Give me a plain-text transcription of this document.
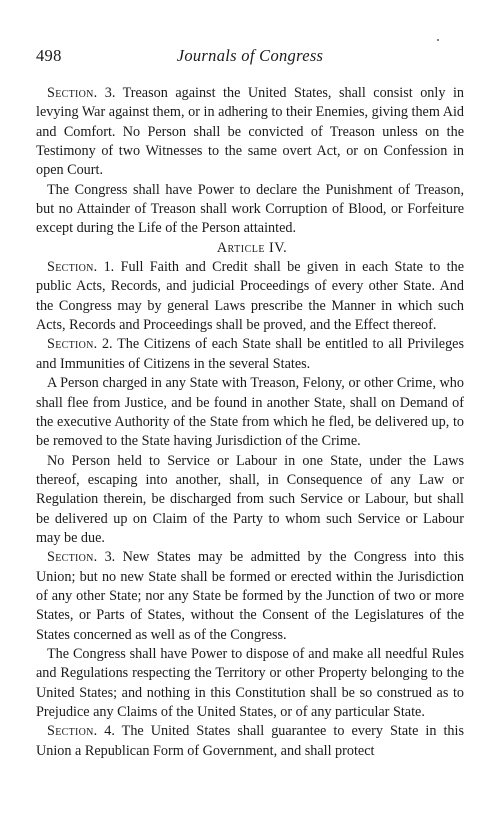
498	Journals of Congress

Section. 3. Treason against the United States, shall consist only in levying War against them, or in adhering to their Enemies, giving them Aid and Comfort. No Person shall be convicted of Treason unless on the Testimony of two Witnesses to the same overt Act, or on Confession in open Court.

The Congress shall have Power to declare the Punishment of Treason, but no Attainder of Treason shall work Corruption of Blood, or Forfeiture except during the Life of the Person attainted.

Article IV.

Section. 1. Full Faith and Credit shall be given in each State to the public Acts, Records, and judicial Proceedings of every other State. And the Congress may by general Laws prescribe the Manner in which such Acts, Records and Proceedings shall be proved, and the Effect thereof.

Section. 2. The Citizens of each State shall be entitled to all Privileges and Immunities of Citizens in the several States.

A Person charged in any State with Treason, Felony, or other Crime, who shall flee from Justice, and be found in another State, shall on Demand of the executive Authority of the State from which he fled, be delivered up, to be removed to the State having Jurisdiction of the Crime.

No Person held to Service or Labour in one State, under the Laws thereof, escaping into another, shall, in Consequence of any Law or Regulation therein, be discharged from such Service or Labour, but shall be delivered up on Claim of the Party to whom such Service or Labour may be due.

Section. 3. New States may be admitted by the Congress into this Union; but no new State shall be formed or erected within the Jurisdiction of any other State; nor any State be formed by the Junction of two or more States, or Parts of States, without the Consent of the Legislatures of the States concerned as well as of the Congress.

The Congress shall have Power to dispose of and make all needful Rules and Regulations respecting the Territory or other Property belonging to the United States; and nothing in this Constitution shall be so construed as to Prejudice any Claims of the United States, or of any particular State.

Section. 4. The United States shall guarantee to every State in this Union a Republican Form of Government, and shall protect
